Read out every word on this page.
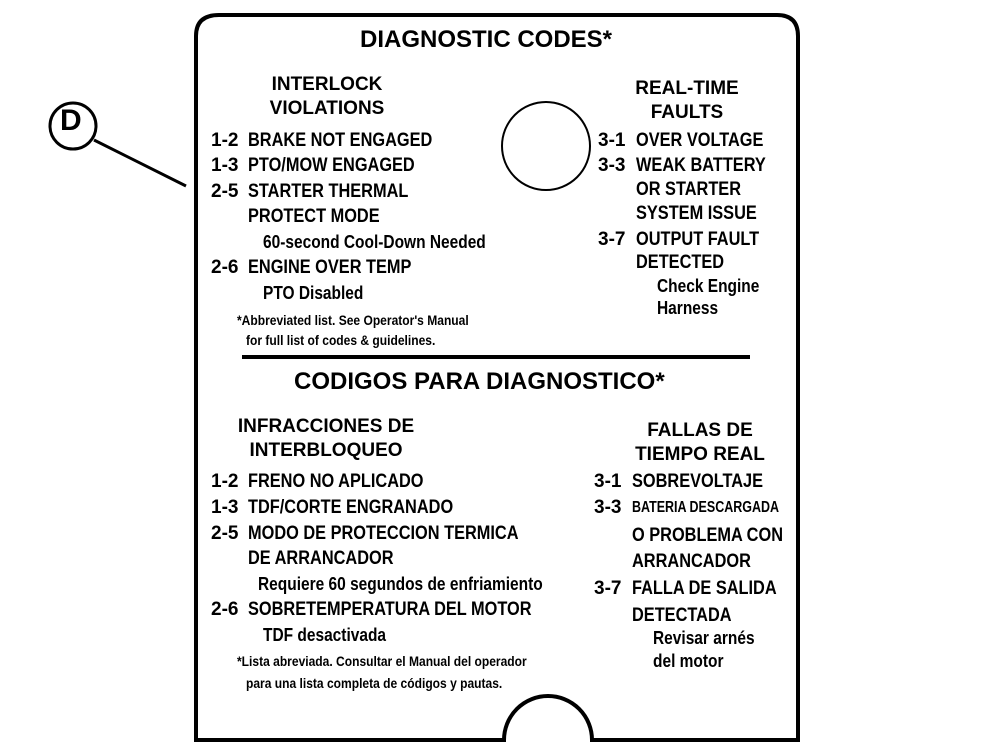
D
DIAGNOSTIC CODES*
INTERLOCK
VIOLATIONS
REAL-TIME
FAULTS
1-2 BRAKE NOT ENGAGED
1-3 PTO/MOW ENGAGED
2-5 STARTER THERMAL
PROTECT MODE
60-second Cool-Down Needed
2-6 ENGINE OVER TEMP
PTO Disabled
*Abbreviated list. See Operator's Manual
for full list of codes & guidelines.
3-1 OVER VOLTAGE
3-3 WEAK BATTERY
OR STARTER
SYSTEM ISSUE
3-7 OUTPUT FAULT
DETECTED
Check Engine
Harness
CODIGOS PARA DIAGNOSTICO*
INFRACCIONES DE
INTERBLOQUEO
FALLAS DE
TIEMPO REAL
1-2 FRENO NO APLICADO
1-3 TDF/CORTE ENGRANADO
2-5 MODO DE PROTECCION TERMICA
DE ARRANCADOR
Requiere 60 segundos de enfriamiento
2-6 SOBRETEMPERATURA DEL MOTOR
TDF desactivada
*Lista abreviada. Consultar el Manual del operador
para una lista completa de códigos y pautas.
3-1 SOBREVOLTAJE
3-3 BATERIA DESCARGADA
O PROBLEMA CON
ARRANCADOR
3-7 FALLA DE SALIDA
DETECTADA
Revisar arnés
del motor
